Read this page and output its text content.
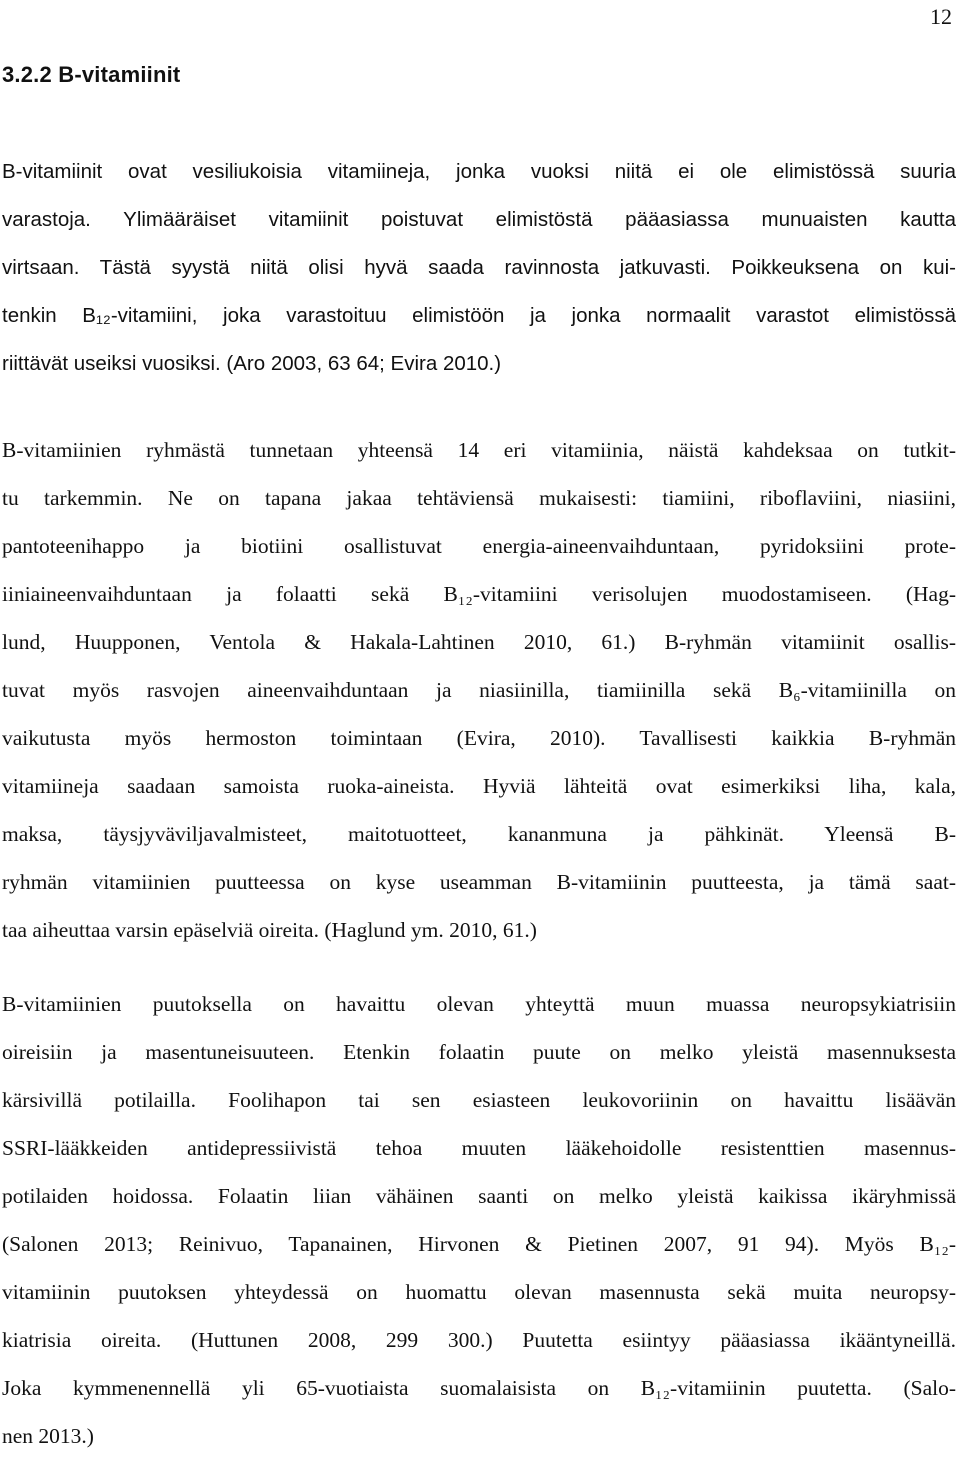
12
3.2.2 B-vitamiinit
B-vitamiinit ovat vesiliukoisia vitamiineja, jonka vuoksi niitä ei ole elimistössä suuria
varastoja. Ylimääräiset vitamiinit poistuvat elimistöstä pääasiassa munuaisten kautta
virtsaan. Tästä syystä niitä olisi hyvä saada ravinnosta jatkuvasti. Poikkeuksena on kui-
tenkin B₁₂-vitamiini, joka varastoituu elimistöön ja jonka normaalit varastot elimistössä
riittävät useiksi vuosiksi. (Aro 2003, 63 64; Evira 2010.)
B-vitamiinien ryhmästä tunnetaan yhteensä 14 eri vitamiinia, näistä kahdeksaa on tutkit-
tu tarkemmin. Ne on tapana jakaa tehtäviensä mukaisesti: tiamiini, riboflaviini, niasiini,
pantoteenihappo ja biotiini osallistuvat energia-aineenvaihduntaan, pyridoksiini prote-
iiniaineenvaihduntaan ja folaatti sekä B₁₂-vitamiini verisolujen muodostamiseen. (Hag-
lund, Huupponen, Ventola & Hakala-Lahtinen 2010, 61.) B-ryhmän vitamiinit osallis-
tuvat myös rasvojen aineenvaihduntaan ja niasiinilla, tiamiinilla sekä B₆-vitamiinilla on
vaikutusta myös hermoston toimintaan (Evira, 2010). Tavallisesti kaikkia B-ryhmän
vitamiineja saadaan samoista ruoka-aineista. Hyviä lähteitä ovat esimerkiksi liha, kala,
maksa, täysjyväviljavalmisteet, maitotuotteet, kananmuna ja pähkinät. Yleensä B-
ryhmän vitamiinien puutteessa on kyse useamman B-vitamiinin puutteesta, ja tämä saat-
taa aiheuttaa varsin epäselviä oireita. (Haglund ym. 2010, 61.)
B-vitamiinien puutoksella on havaittu olevan yhteyttä muun muassa neuropsykiatrisiin
oireisiin ja masentuneisuuteen. Etenkin folaatin puute on melko yleistä masennuksesta
kärsivillä potilailla. Foolihapon tai sen esiasteen leukovoriinin on havaittu lisäävän
SSRI-lääkkeiden antidepressiivistä tehoa muuten lääkehoidolle resistenttien masennus-
potilaiden hoidossa. Folaatin liian vähäinen saanti on melko yleistä kaikissa ikäryhmissä
(Salonen 2013; Reinivuo, Tapanainen, Hirvonen & Pietinen 2007, 91 94). Myös B₁₂-
vitamiinin puutoksen yhteydessä on huomattu olevan masennusta sekä muita neuropsy-
kiatrisia oireita. (Huttunen 2008, 299 300.) Puutetta esiintyy pääasiassa ikääntyneillä.
Joka kymmenennellä yli 65-vuotiaista suomalaisista on B₁₂-vitamiinin puutetta. (Salo-
nen 2013.)
